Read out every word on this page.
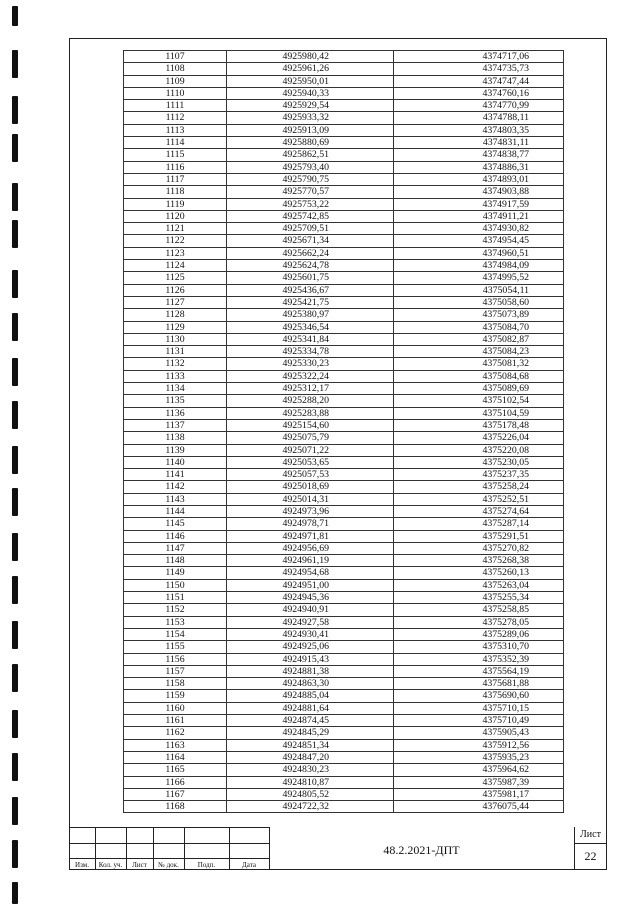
1107	4925980,42	4374717,06
1108	4925961,26	4374735,73
1109	4925950,01	4374747,44
1110	4925940,33	4374760,16
1111	4925929,54	4374770,99
1112	4925933,32	4374788,11
1113	4925913,09	4374803,35
1114	4925880,69	4374831,11
1115	4925862,51	4374838,77
1116	4925793,40	4374886,31
1117	4925790,75	4374893,01
1118	4925770,57	4374903,88
1119	4925753,22	4374917,59
1120	4925742,85	4374911,21
1121	4925709,51	4374930,82
1122	4925671,34	4374954,45
1123	4925662,24	4374960,51
1124	4925624,78	4374984,09
1125	4925601,75	4374995,52
1126	4925436,67	4375054,11
1127	4925421,75	4375058,60
1128	4925380,97	4375073,89
1129	4925346,54	4375084,70
1130	4925341,84	4375082,87
1131	4925334,78	4375084,23
1132	4925330,23	4375081,32
1133	4925322,24	4375084,68
1134	4925312,17	4375089,69
1135	4925288,20	4375102,54
1136	4925283,88	4375104,59
1137	4925154,60	4375178,48
1138	4925075,79	4375226,04
1139	4925071,22	4375220,08
1140	4925053,65	4375230,05
1141	4925057,53	4375237,35
1142	4925018,69	4375258,24
1143	4925014,31	4375252,51
1144	4924973,96	4375274,64
1145	4924978,71	4375287,14
1146	4924971,81	4375291,51
1147	4924956,69	4375270,82
1148	4924961,19	4375268,38
1149	4924954,68	4375260,13
1150	4924951,00	4375263,04
1151	4924945,36	4375255,34
1152	4924940,91	4375258,85
1153	4924927,58	4375278,05
1154	4924930,41	4375289,06
1155	4924925,06	4375310,70
1156	4924915,43	4375352,39
1157	4924881,38	4375564,19
1158	4924863,30	4375681,88
1159	4924885,04	4375690,60
1160	4924881,64	4375710,15
1161	4924874,45	4375710,49
1162	4924845,29	4375905,43
1163	4924851,34	4375912,56
1164	4924847,20	4375935,23
1165	4924830,23	4375964,62
1166	4924810,87	4375987,39
1167	4924805,52	4375981,17
1168	4924722,32	4376075,44
Изм.	Кол. уч.	Лист	№ док.	Подп.	Дата
48.2.2021-ДПТ
Лист
22
